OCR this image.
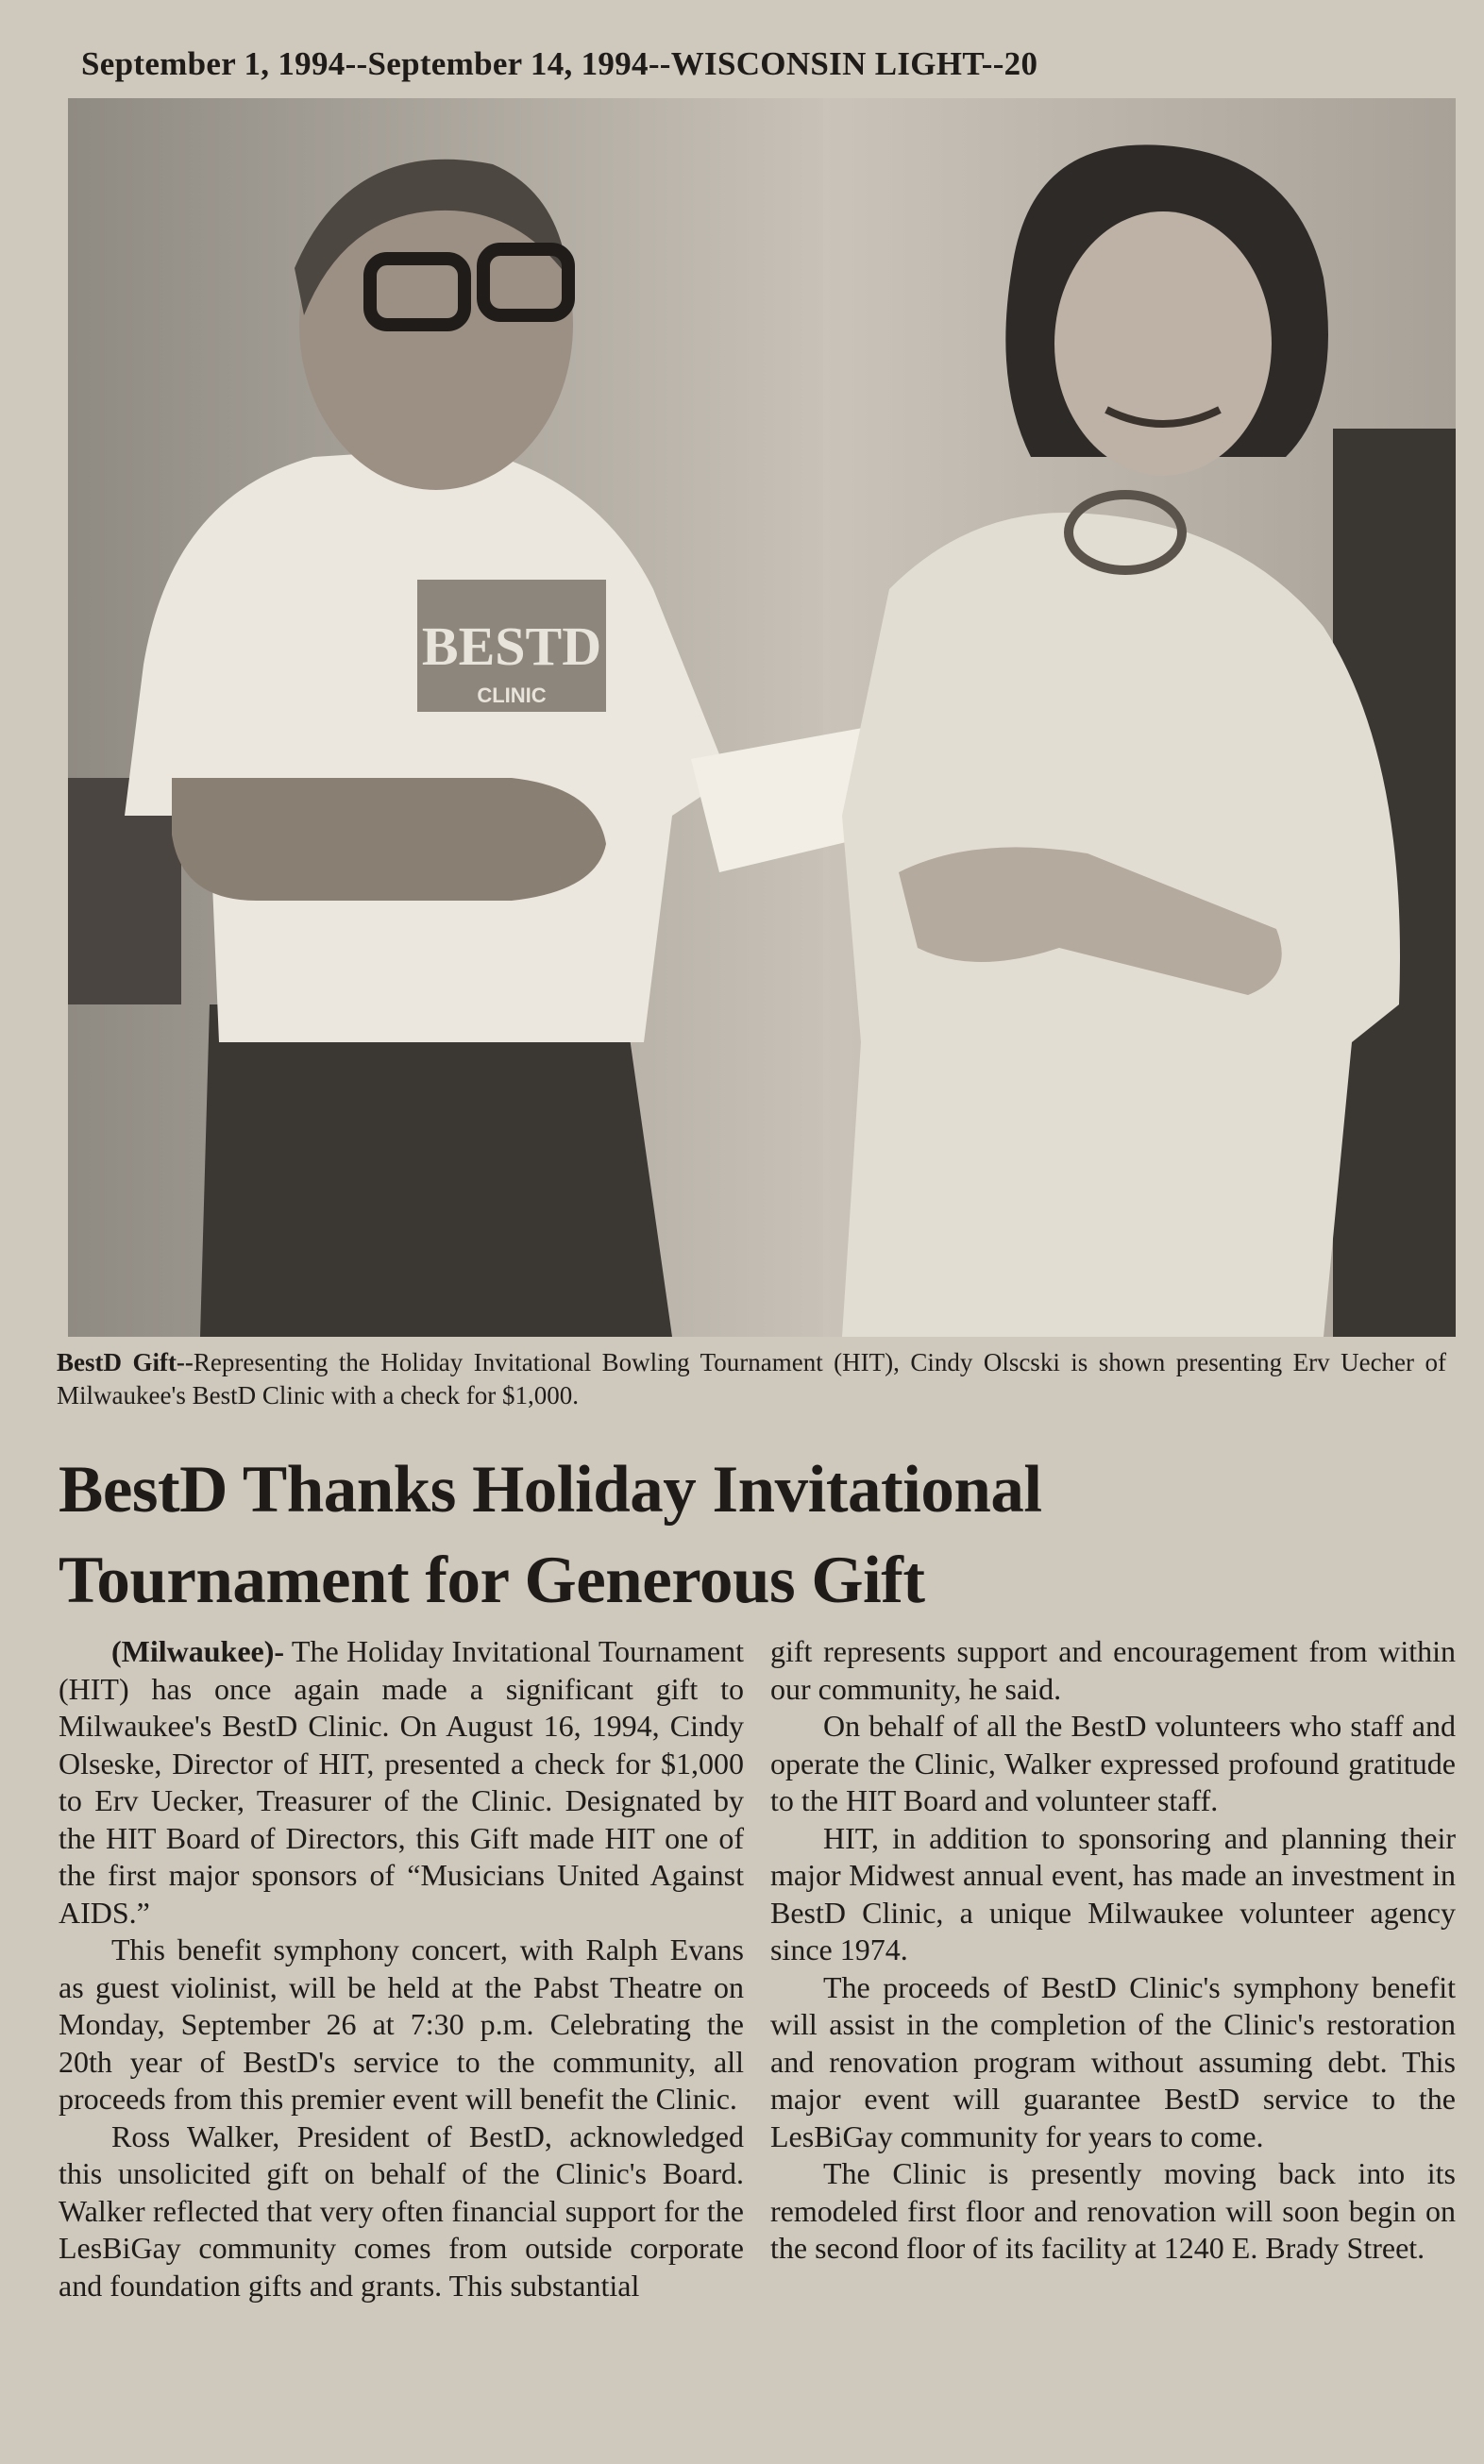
September 1, 1994--September 14, 1994--WISCONSIN LIGHT--20
BESTD
CLINIC
BestD Gift--Representing the Holiday Invitational Bowling Tournament (HIT), Cindy Olscski is shown presenting Erv Uecher of Milwaukee's BestD Clinic with a check for $1,000.
BestD Thanks Holiday Invitational
Tournament for Generous Gift

(Milwaukee)- The Holiday Invitational Tournament (HIT) has once again made a significant gift to Milwaukee's BestD Clinic. On August 16, 1994, Cindy Olseske, Director of HIT, presented a check for $1,000 to Erv Uecker, Treasurer of the Clinic. Designated by the HIT Board of Directors, this Gift made HIT one of the first major sponsors of “Musicians United Against AIDS.”

This benefit symphony concert, with Ralph Evans as guest violinist, will be held at the Pabst Theatre on Monday, September 26 at 7:30 p.m. Celebrating the 20th year of BestD's service to the community, all proceeds from this premier event will benefit the Clinic.

Ross Walker, President of BestD, acknowledged this unsolicited gift on behalf of the Clinic's Board. Walker reflected that very often financial support for the LesBiGay community comes from outside corporate and foundation gifts and grants. This substantial

gift represents support and encouragement from within our community, he said.

On behalf of all the BestD volunteers who staff and operate the Clinic, Walker expressed profound gratitude to the HIT Board and volunteer staff.

HIT, in addition to sponsoring and planning their major Midwest annual event, has made an investment in BestD Clinic, a unique Milwaukee volunteer agency since 1974.

The proceeds of BestD Clinic's symphony benefit will assist in the completion of the Clinic's restoration and renovation program without assuming debt. This major event will guarantee BestD service to the LesBiGay community for years to come.

The Clinic is presently moving back into its remodeled first floor and renovation will soon begin on the second floor of its facility at 1240 E. Brady Street.
